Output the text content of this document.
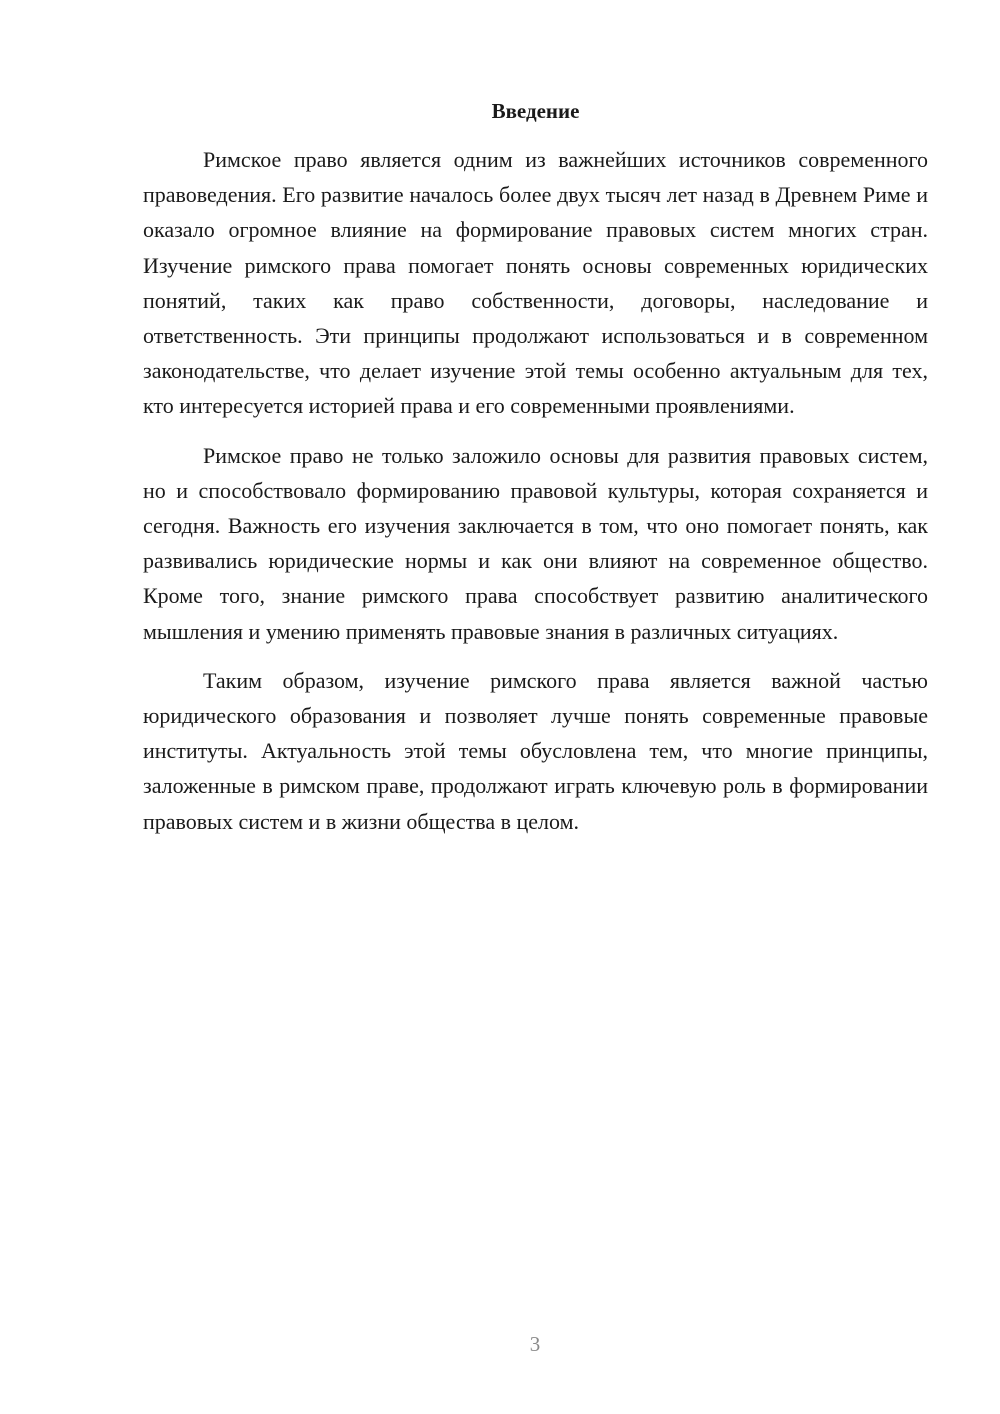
Введение

Римское право является одним из важнейших источников современного правоведения. Его развитие началось более двух тысяч лет назад в Древнем Риме и оказало огромное влияние на формирование правовых систем многих стран. Изучение римского права помогает понять основы современных юридических понятий, таких как право собственности, договоры, наследование и ответственность. Эти принципы продолжают использоваться и в современном законодательстве, что делает изучение этой темы особенно актуальным для тех, кто интересуется историей права и его современными проявлениями.

Римское право не только заложило основы для развития правовых систем, но и способствовало формированию правовой культуры, которая сохраняется и сегодня. Важность его изучения заключается в том, что оно помогает понять, как развивались юридические нормы и как они влияют на современное общество. Кроме того, знание римского права способствует развитию аналитического мышления и умению применять правовые знания в различных ситуациях.

Таким образом, изучение римского права является важной частью юридического образования и позволяет лучше понять современные правовые институты. Актуальность этой темы обусловлена тем, что многие принципы, заложенные в римском праве, продолжают играть ключевую роль в формировании правовых систем и в жизни общества в целом.

3
